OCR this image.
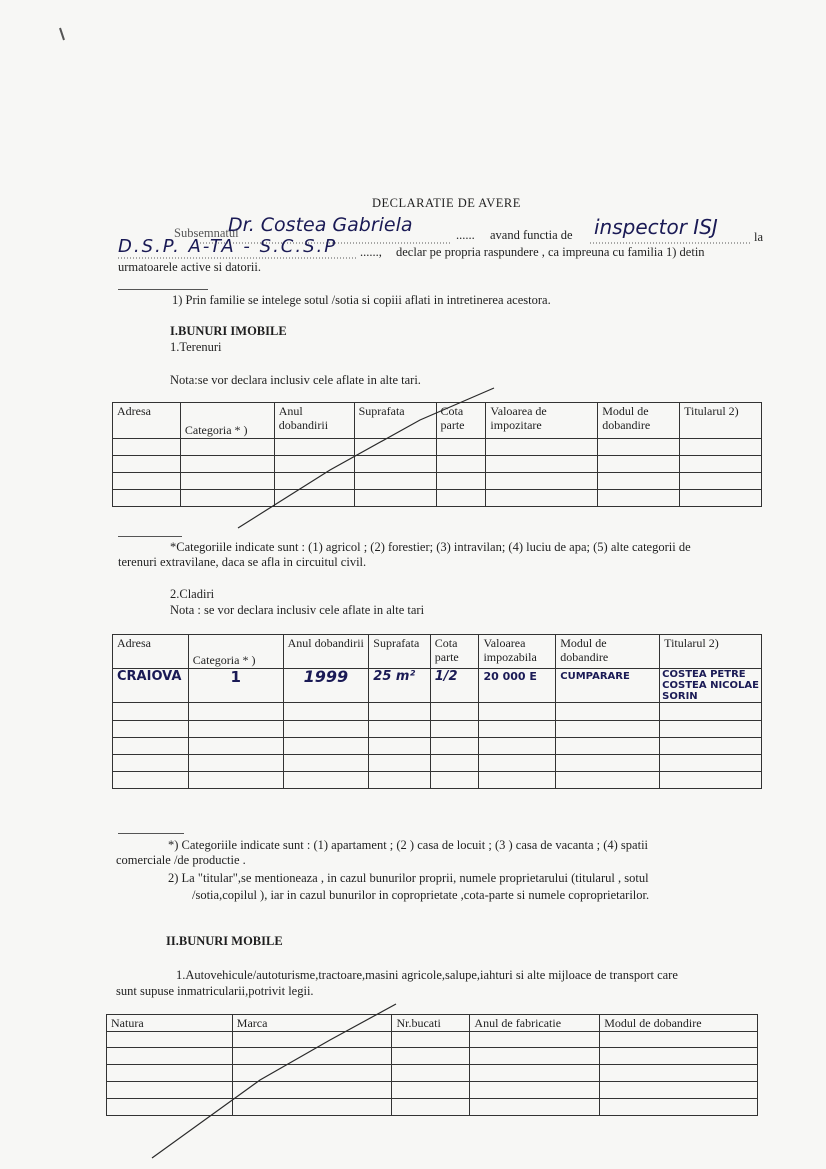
DECLARATIE DE AVERE
Subsemnatul
Dr. Costea Gabriela	...... avand functia de inspector ISJ	la
D.S.P. A-TA - S.C.S.P ......, declar pe propria raspundere , ca impreuna cu familia 1) detin
urmatoarele active si datorii.
1) Prin familie se intelege sotul /sotia si copiii aflati in intretinerea acestora.
I.BUNURI IMOBILE
1.Terenuri
Nota:se vor declara inclusiv cele aflate in alte tari.
Adresa	Categoria * )	Anul dobandirii	Suprafata	Cota parte	Valoarea de impozitare	Modul de dobandire	Titularul 2)

*Categoriile indicate sunt : (1) agricol ; (2) forestier; (3) intravilan; (4) luciu de apa; (5) alte categorii de
terenuri extravilane, daca se afla in circuitul civil.
2.Cladiri
Nota : se vor declara inclusiv cele aflate in alte tari
Adresa	Categoria * )	Anul dobandirii	Suprafata	Cota parte	Valoarea impozabila	Modul de dobandire	Titularul 2)
CRAIOVA	1	1999	25 m²	1/2	20 000 E	CUMPARARE	COSTEA PETRE
COSTEA NICOLAE
SORIN

*) Categoriile indicate sunt : (1) apartament ; (2 ) casa de locuit ; (3 ) casa de vacanta ; (4) spatii
comerciale /de productie .
2) La "titular",se mentioneaza , in cazul bunurilor proprii, numele proprietarului (titularul , sotul
/sotia,copilul ), iar in cazul bunurilor in coproprietate ,cota-parte si numele coproprietarilor.
II.BUNURI MOBILE
1.Autovehicule/autoturisme,tractoare,masini agricole,salupe,iahturi si alte mijloace de transport care
sunt supuse inmatricularii,potrivit legii.
Natura	Marca	Nr.bucati	Anul de fabricatie	Modul de dobandire
